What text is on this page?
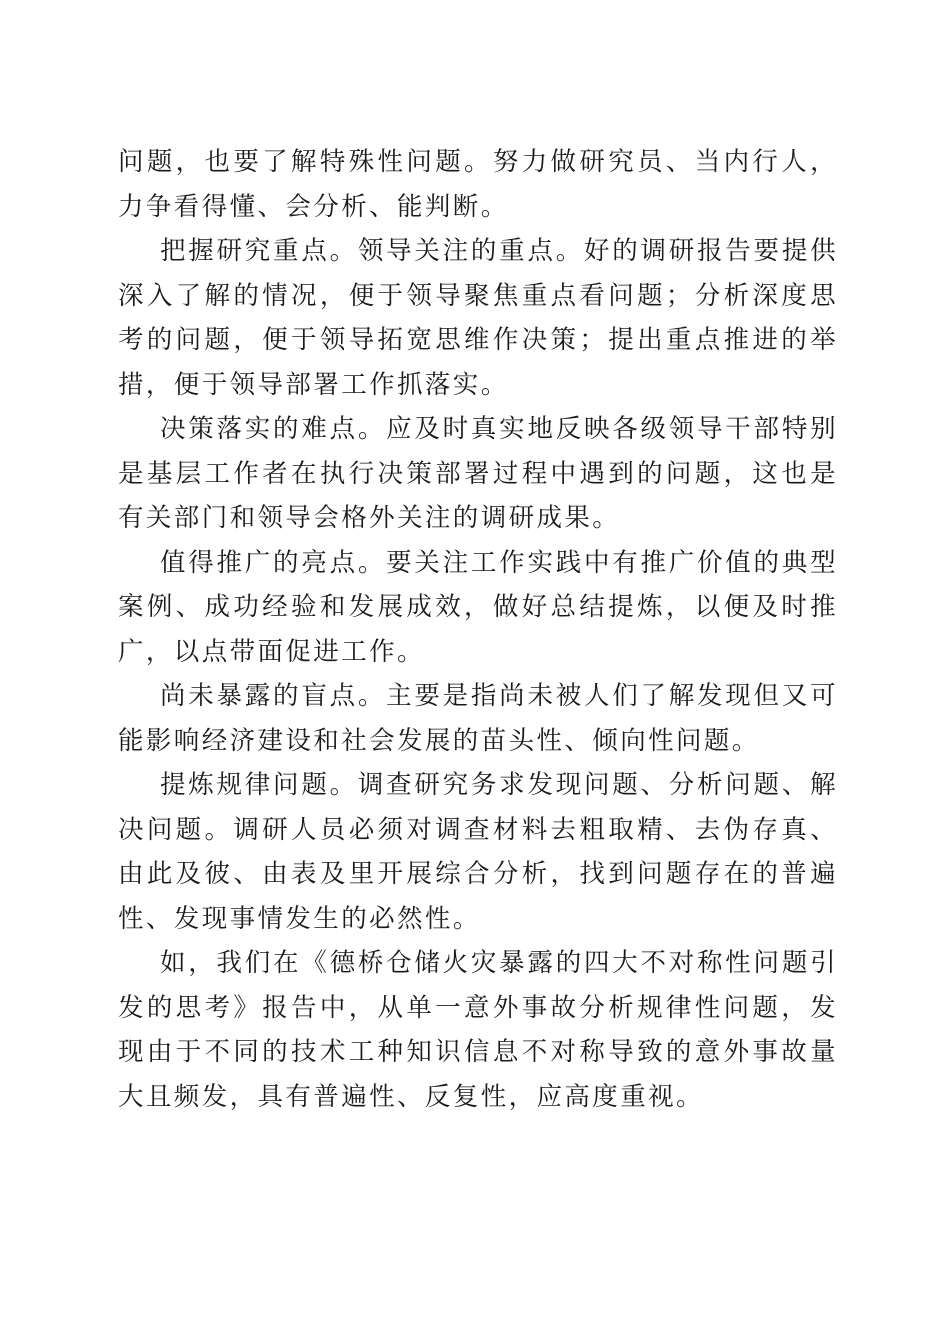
问题，也要了解特殊性问题。努力做研究员、当内行人，力争看得懂、会分析、能判断。

把握研究重点。领导关注的重点。好的调研报告要提供深入了解的情况，便于领导聚焦重点看问题；分析深度思考的问题，便于领导拓宽思维作决策；提出重点推进的举措，便于领导部署工作抓落实。

决策落实的难点。应及时真实地反映各级领导干部特别是基层工作者在执行决策部署过程中遇到的问题，这也是有关部门和领导会格外关注的调研成果。

值得推广的亮点。要关注工作实践中有推广价值的典型案例、成功经验和发展成效，做好总结提炼，以便及时推广，以点带面促进工作。

尚未暴露的盲点。主要是指尚未被人们了解发现但又可能影响经济建设和社会发展的苗头性、倾向性问题。

提炼规律问题。调查研究务求发现问题、分析问题、解决问题。调研人员必须对调查材料去粗取精、去伪存真、由此及彼、由表及里开展综合分析，找到问题存在的普遍性、发现事情发生的必然性。

如，我们在《德桥仓储火灾暴露的四大不对称性问题引发的思考》报告中，从单一意外事故分析规律性问题，发现由于不同的技术工种知识信息不对称导致的意外事故量大且频发，具有普遍性、反复性，应高度重视。
